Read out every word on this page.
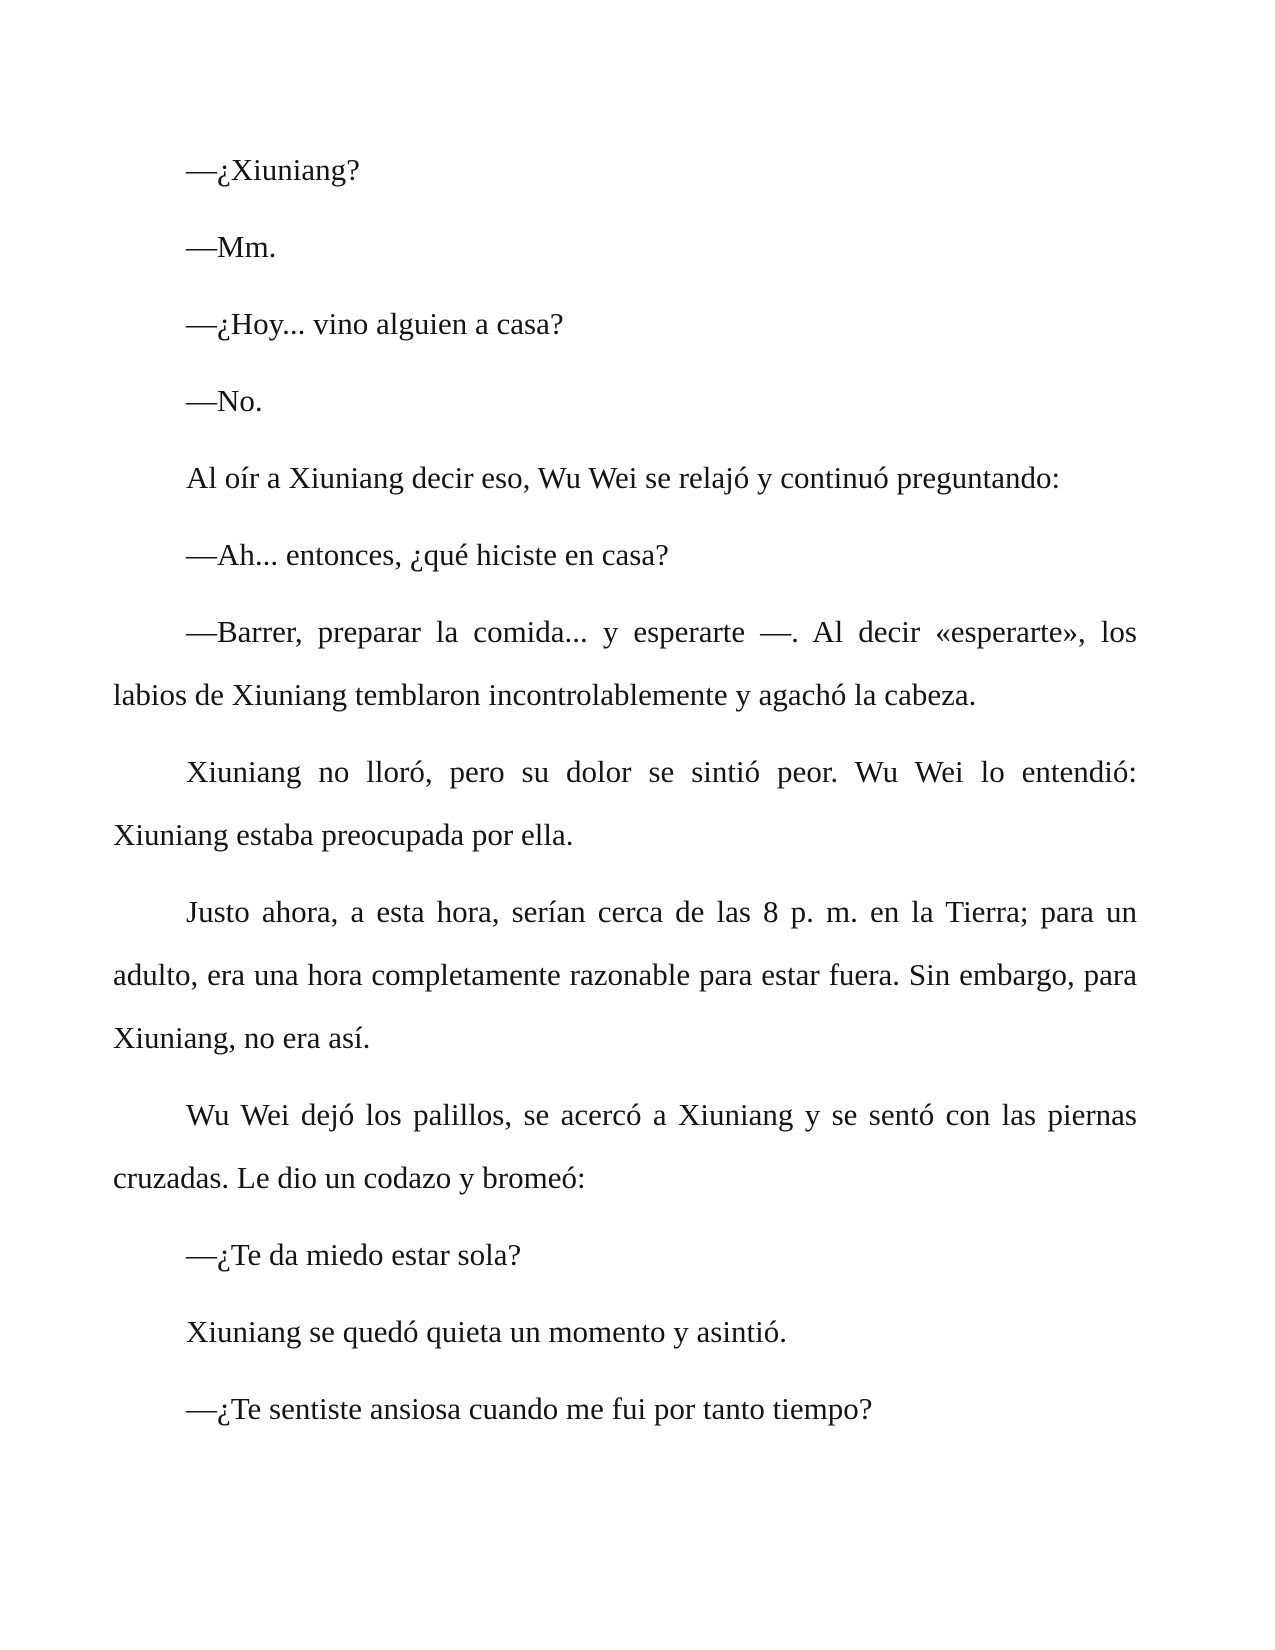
—¿Xiuniang?

—Mm.

—¿Hoy... vino alguien a casa?

—No.

Al oír a Xiuniang decir eso, Wu Wei se relajó y continuó preguntando:

—Ah... entonces, ¿qué hiciste en casa?

—Barrer, preparar la comida... y esperarte —. Al decir «esperarte», los labios de Xiuniang temblaron incontrolablemente y agachó la cabeza.

Xiuniang no lloró, pero su dolor se sintió peor. Wu Wei lo entendió: Xiuniang estaba preocupada por ella.

Justo ahora, a esta hora, serían cerca de las 8 p. m. en la Tierra; para un adulto, era una hora completamente razonable para estar fuera. Sin embargo, para Xiuniang, no era así.

Wu Wei dejó los palillos, se acercó a Xiuniang y se sentó con las piernas cruzadas. Le dio un codazo y bromeó:

—¿Te da miedo estar sola?

Xiuniang se quedó quieta un momento y asintió.

—¿Te sentiste ansiosa cuando me fui por tanto tiempo?
